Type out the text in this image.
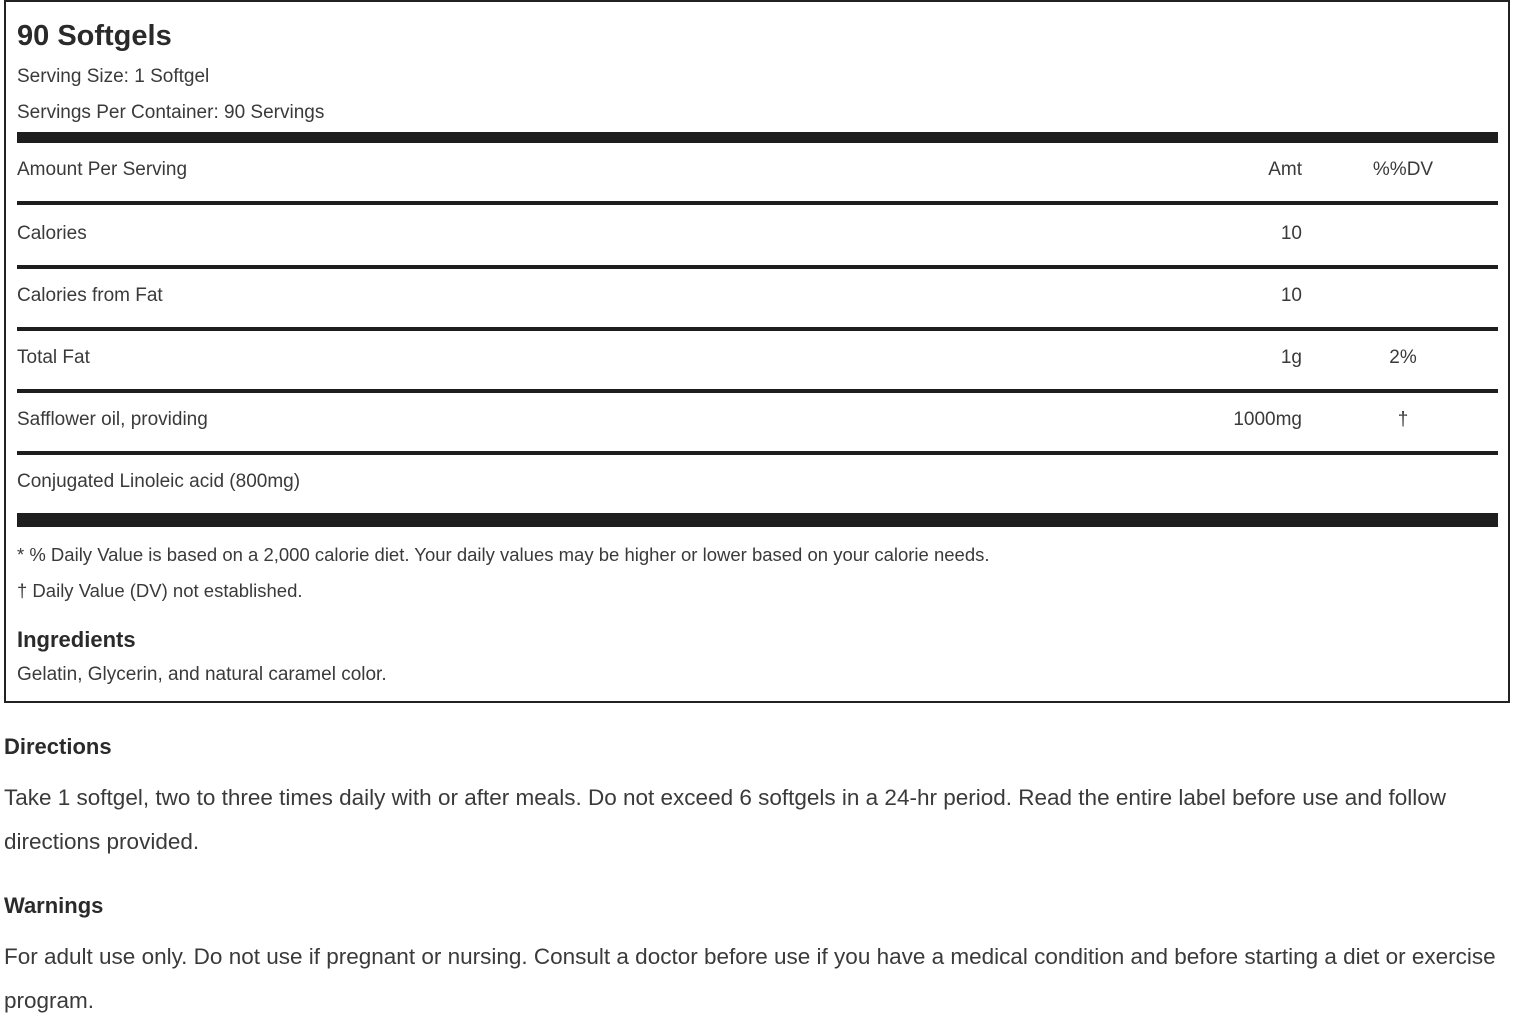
90 Softgels
Serving Size : 1 Softgel
Servings Per Container : 90 Servings
Amount Per Serving	Amt	%%DV
Calories	10
Calories from Fat	10
Total Fat	1g	2%
Safflower oil, providing	1000mg	†
Conjugated Linoleic acid (800mg)
* % Daily Value is based on a 2,000 calorie diet. Your daily values may be higher or lower based on your calorie needs.
† Daily Value (DV) not established.
Ingredients
Gelatin, Glycerin, and natural caramel color.
Directions

Take 1 softgel, two to three times daily with or after meals. Do not exceed 6 softgels in a 24-hr period. Read the entire label before use and follow directions provided.

Warnings

For adult use only. Do not use if pregnant or nursing. Consult a doctor before use if you have a medical condition and before starting a diet or exercise program.
